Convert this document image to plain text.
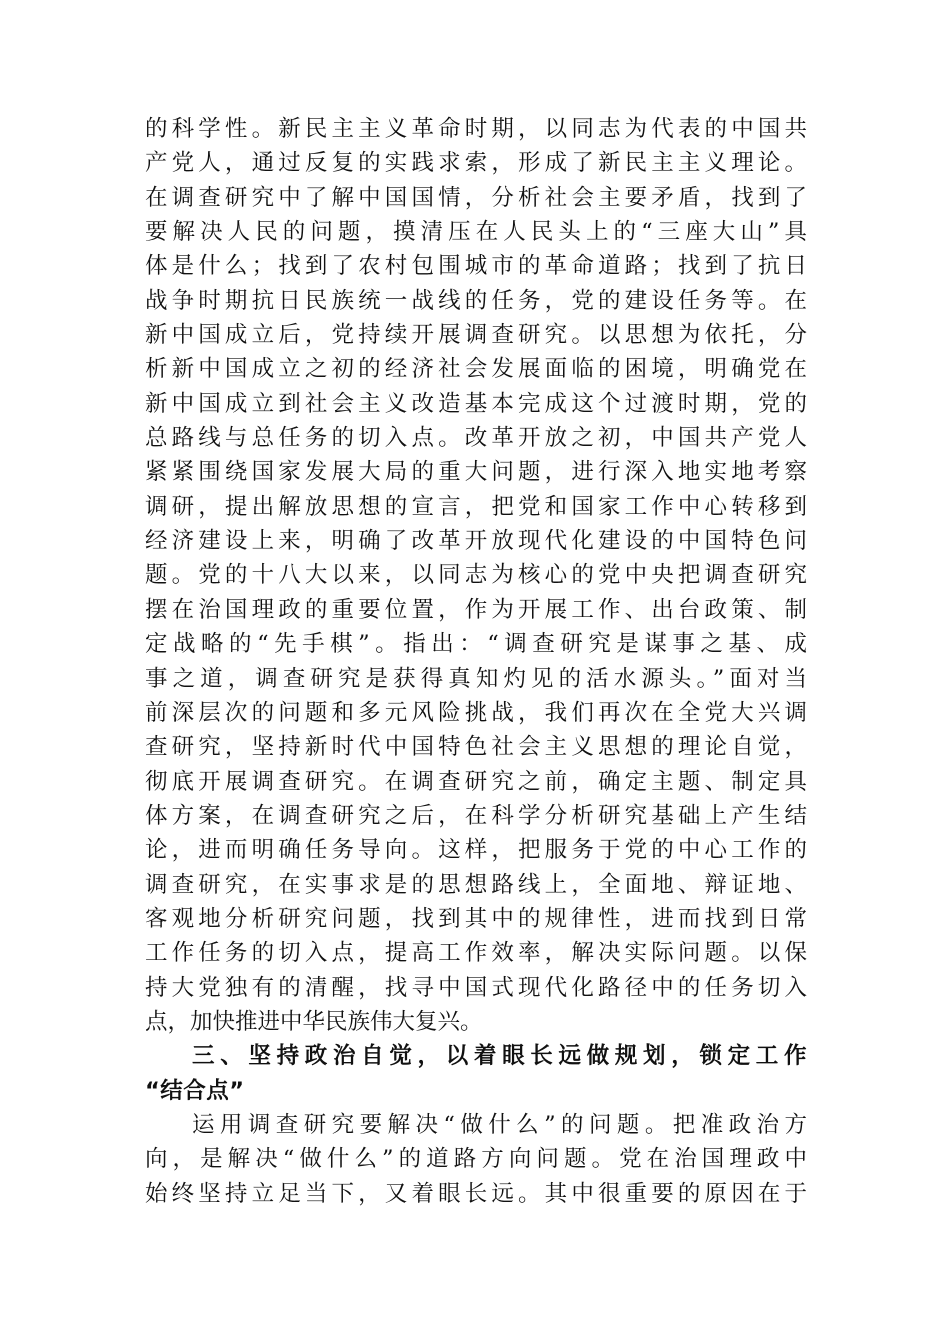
的科学性。新民主主义革命时期，以同志为代表的中国共
产党人，通过反复的实践求索，形成了新民主主义理论。
在调查研究中了解中国国情，分析社会主要矛盾，找到了
要解决人民的问题，摸清压在人民头上的“三座大山”具
体是什么；找到了农村包围城市的革命道路；找到了抗日
战争时期抗日民族统一战线的任务，党的建设任务等。在
新中国成立后，党持续开展调查研究。以思想为依托，分
析新中国成立之初的经济社会发展面临的困境，明确党在
新中国成立到社会主义改造基本完成这个过渡时期，党的
总路线与总任务的切入点。改革开放之初，中国共产党人
紧紧围绕国家发展大局的重大问题，进行深入地实地考察
调研，提出解放思想的宣言，把党和国家工作中心转移到
经济建设上来，明确了改革开放现代化建设的中国特色问
题。党的十八大以来，以同志为核心的党中央把调查研究
摆在治国理政的重要位置，作为开展工作、出台政策、制
定战略的“先手棋”。指出：“调查研究是谋事之基、成
事之道，调查研究是获得真知灼见的活水源头。”面对当
前深层次的问题和多元风险挑战，我们再次在全党大兴调
查研究，坚持新时代中国特色社会主义思想的理论自觉，
彻底开展调查研究。在调查研究之前，确定主题、制定具
体方案，在调查研究之后，在科学分析研究基础上产生结
论，进而明确任务导向。这样，把服务于党的中心工作的
调查研究，在实事求是的思想路线上，全面地、辩证地、
客观地分析研究问题，找到其中的规律性，进而找到日常
工作任务的切入点，提高工作效率，解决实际问题。以保
持大党独有的清醒，找寻中国式现代化路径中的任务切入
点，加快推进中华民族伟大复兴。
三、坚持政治自觉，以着眼长远做规划，锁定工作
“结合点”
运用调查研究要解决“做什么”的问题。把准政治方
向，是解决“做什么”的道路方向问题。党在治国理政中
始终坚持立足当下，又着眼长远。其中很重要的原因在于
